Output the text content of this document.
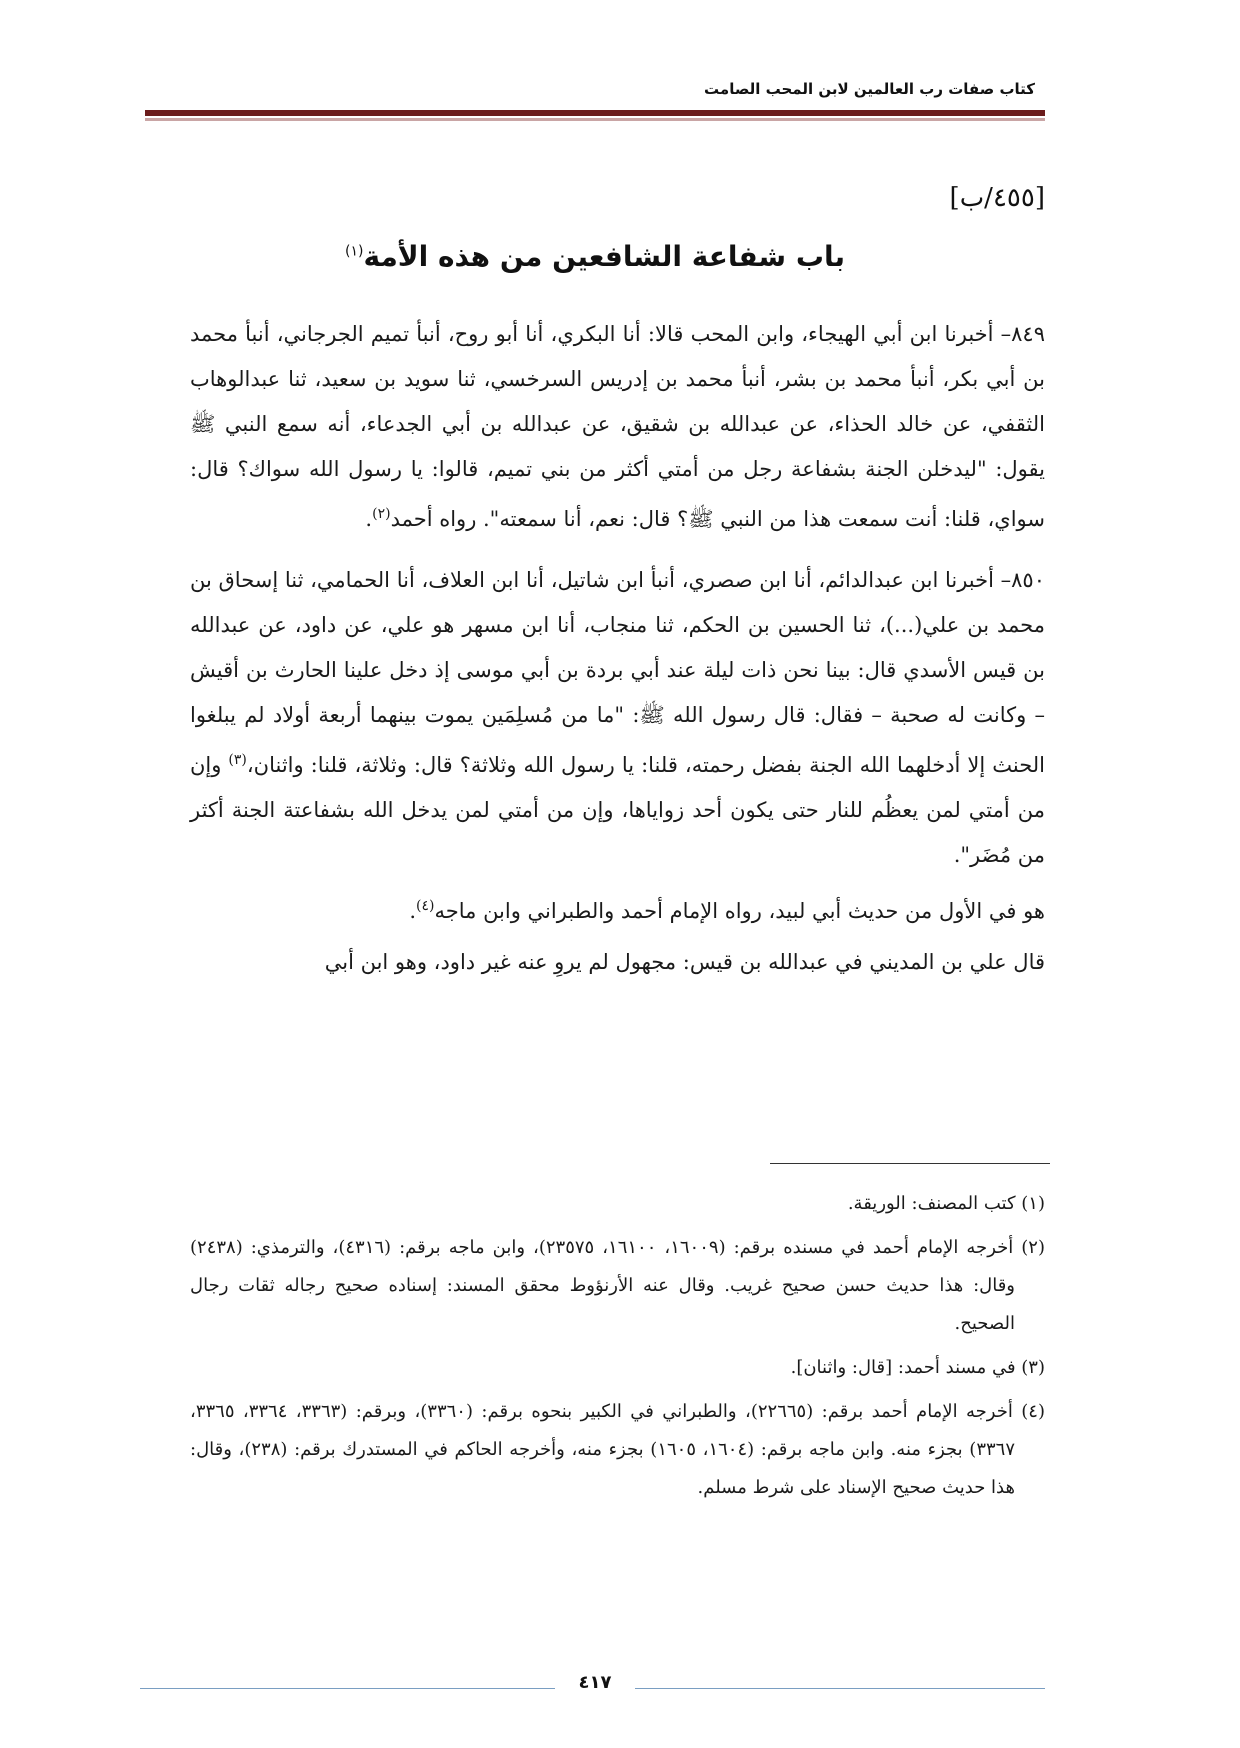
كتاب صفات رب العالمين لابن المحب الصامت
[٤٥٥/ب]
باب شفاعة الشافعين من هذه الأمة$^{(١)}$

٨٤٩– أخبرنا ابن أبي الهيجاء، وابن المحب قالا: أنا البكري، أنا أبو روح، أنبأ تميم الجرجاني، أنبأ محمد بن أبي بكر، أنبأ محمد بن بشر، أنبأ محمد بن إدريس السرخسي، ثنا سويد بن سعيد، ثنا عبدالوهاب الثقفي، عن خالد الحذاء، عن عبدالله بن شقيق، عن عبدالله بن أبي الجدعاء، أنه سمع النبي ﷺ يقول: "ليدخلن الجنة بشفاعة رجل من أمتي أكثر من بني تميم، قالوا: يا رسول الله سواك؟ قال: سواي، قلنا: أنت سمعت هذا من النبي ﷺ؟ قال: نعم، أنا سمعته". رواه أحمد$^{(٢)}$.

٨٥٠– أخبرنا ابن عبدالدائم، أنا ابن صصري، أنبأ ابن شاتيل، أنا ابن العلاف، أنا الحمامي، ثنا إسحاق بن محمد بن علي(...)، ثنا الحسين بن الحكم، ثنا منجاب، أنا ابن مسهر هو علي، عن داود، عن عبدالله بن قيس الأسدي قال: بينا نحن ذات ليلة عند أبي بردة بن أبي موسى إذ دخل علينا الحارث بن أقيش – وكانت له صحبة – فقال: قال رسول الله ﷺ: "ما من مُسلِمَين يموت بينهما أربعة أولاد لم يبلغوا الحنث إلا أدخلهما الله الجنة بفضل رحمته، قلنا: يا رسول الله وثلاثة؟ قال: وثلاثة، قلنا: واثنان،$^{(٣)}$ وإن من أمتي لمن يعظُم للنار حتى يكون أحد زواياها، وإن من أمتي لمن يدخل الله بشفاعتة الجنة أكثر من مُضَر".

هو في الأول من حديث أبي لبيد، رواه الإمام أحمد والطبراني وابن ماجه$^{(٤)}$.

قال علي بن المديني في عبدالله بن قيس: مجهول لم يروِ عنه غير داود، وهو ابن أبي

(١) كتب المصنف: الوريقة.
(٢) أخرجه الإمام أحمد في مسنده برقم: (١٦٠٠٩، ١٦١٠٠، ٢٣٥٧٥)، وابن ماجه برقم: (٤٣١٦)، والترمذي: (٢٤٣٨) وقال: هذا حديث حسن صحيح غريب. وقال عنه الأرنؤوط محقق المسند: إسناده صحيح رجاله ثقات رجال الصحيح.
(٣) في مسند أحمد: [قال: واثنان].
(٤) أخرجه الإمام أحمد برقم: (٢٢٦٦٥)، والطبراني في الكبير بنحوه برقم: (٣٣٦٠)، وبرقم: (٣٣٦٣، ٣٣٦٤، ٣٣٦٥، ٣٣٦٧) بجزء منه. وابن ماجه برقم: (١٦٠٤، ١٦٠٥) بجزء منه، وأخرجه الحاكم في المستدرك برقم: (٢٣٨)، وقال: هذا حديث صحيح الإسناد على شرط مسلم.
٤١٧
